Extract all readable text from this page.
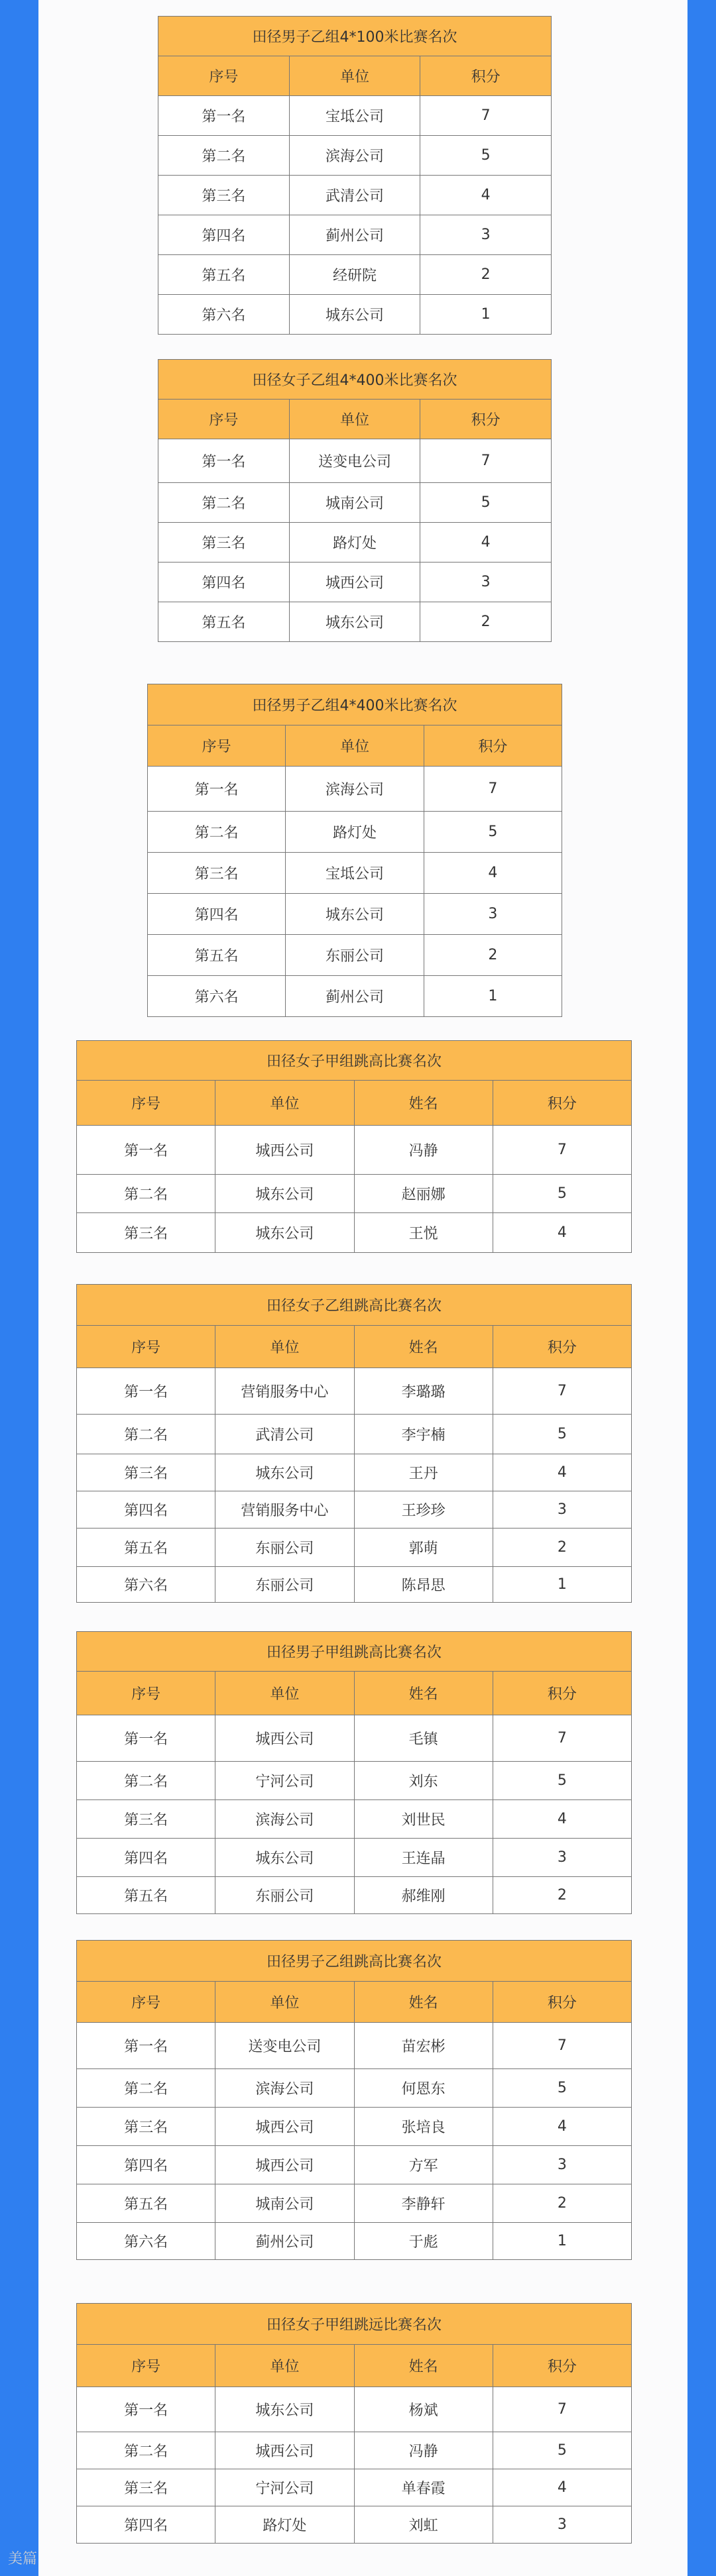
田径男子乙组4*100米比赛名次		
序号	单位	积分
第一名	宝坻公司	7
第二名	滨海公司	5
第三名	武清公司	4
第四名	蓟州公司	3
第五名	经研院	2
第六名	城东公司	1
田径女子乙组4*400米比赛名次		
序号	单位	积分
第一名	送变电公司	7
第二名	城南公司	5
第三名	路灯处	4
第四名	城西公司	3
第五名	城东公司	2
田径男子乙组4*400米比赛名次		
序号	单位	积分
第一名	滨海公司	7
第二名	路灯处	5
第三名	宝坻公司	4
第四名	城东公司	3
第五名	东丽公司	2
第六名	蓟州公司	1
田径女子甲组跳高比赛名次			
序号	单位	姓名	积分
第一名	城西公司	冯静	7
第二名	城东公司	赵丽娜	5
第三名	城东公司	王悦	4
田径女子乙组跳高比赛名次			
序号	单位	姓名	积分
第一名	营销服务中心	李璐璐	7
第二名	武清公司	李宇楠	5
第三名	城东公司	王丹	4
第四名	营销服务中心	王珍珍	3
第五名	东丽公司	郭萌	2
第六名	东丽公司	陈昂思	1
田径男子甲组跳高比赛名次			
序号	单位	姓名	积分
第一名	城西公司	毛镇	7
第二名	宁河公司	刘东	5
第三名	滨海公司	刘世民	4
第四名	城东公司	王连晶	3
第五名	东丽公司	郝维刚	2
田径男子乙组跳高比赛名次			
序号	单位	姓名	积分
第一名	送变电公司	苗宏彬	7
第二名	滨海公司	何恩东	5
第三名	城西公司	张培良	4
第四名	城西公司	方军	3
第五名	城南公司	李静轩	2
第六名	蓟州公司	于彪	1
田径女子甲组跳远比赛名次			
序号	单位	姓名	积分
第一名	城东公司	杨斌	7
第二名	城西公司	冯静	5
第三名	宁河公司	单春霞	4
第四名	路灯处	刘虹	3
美篇
